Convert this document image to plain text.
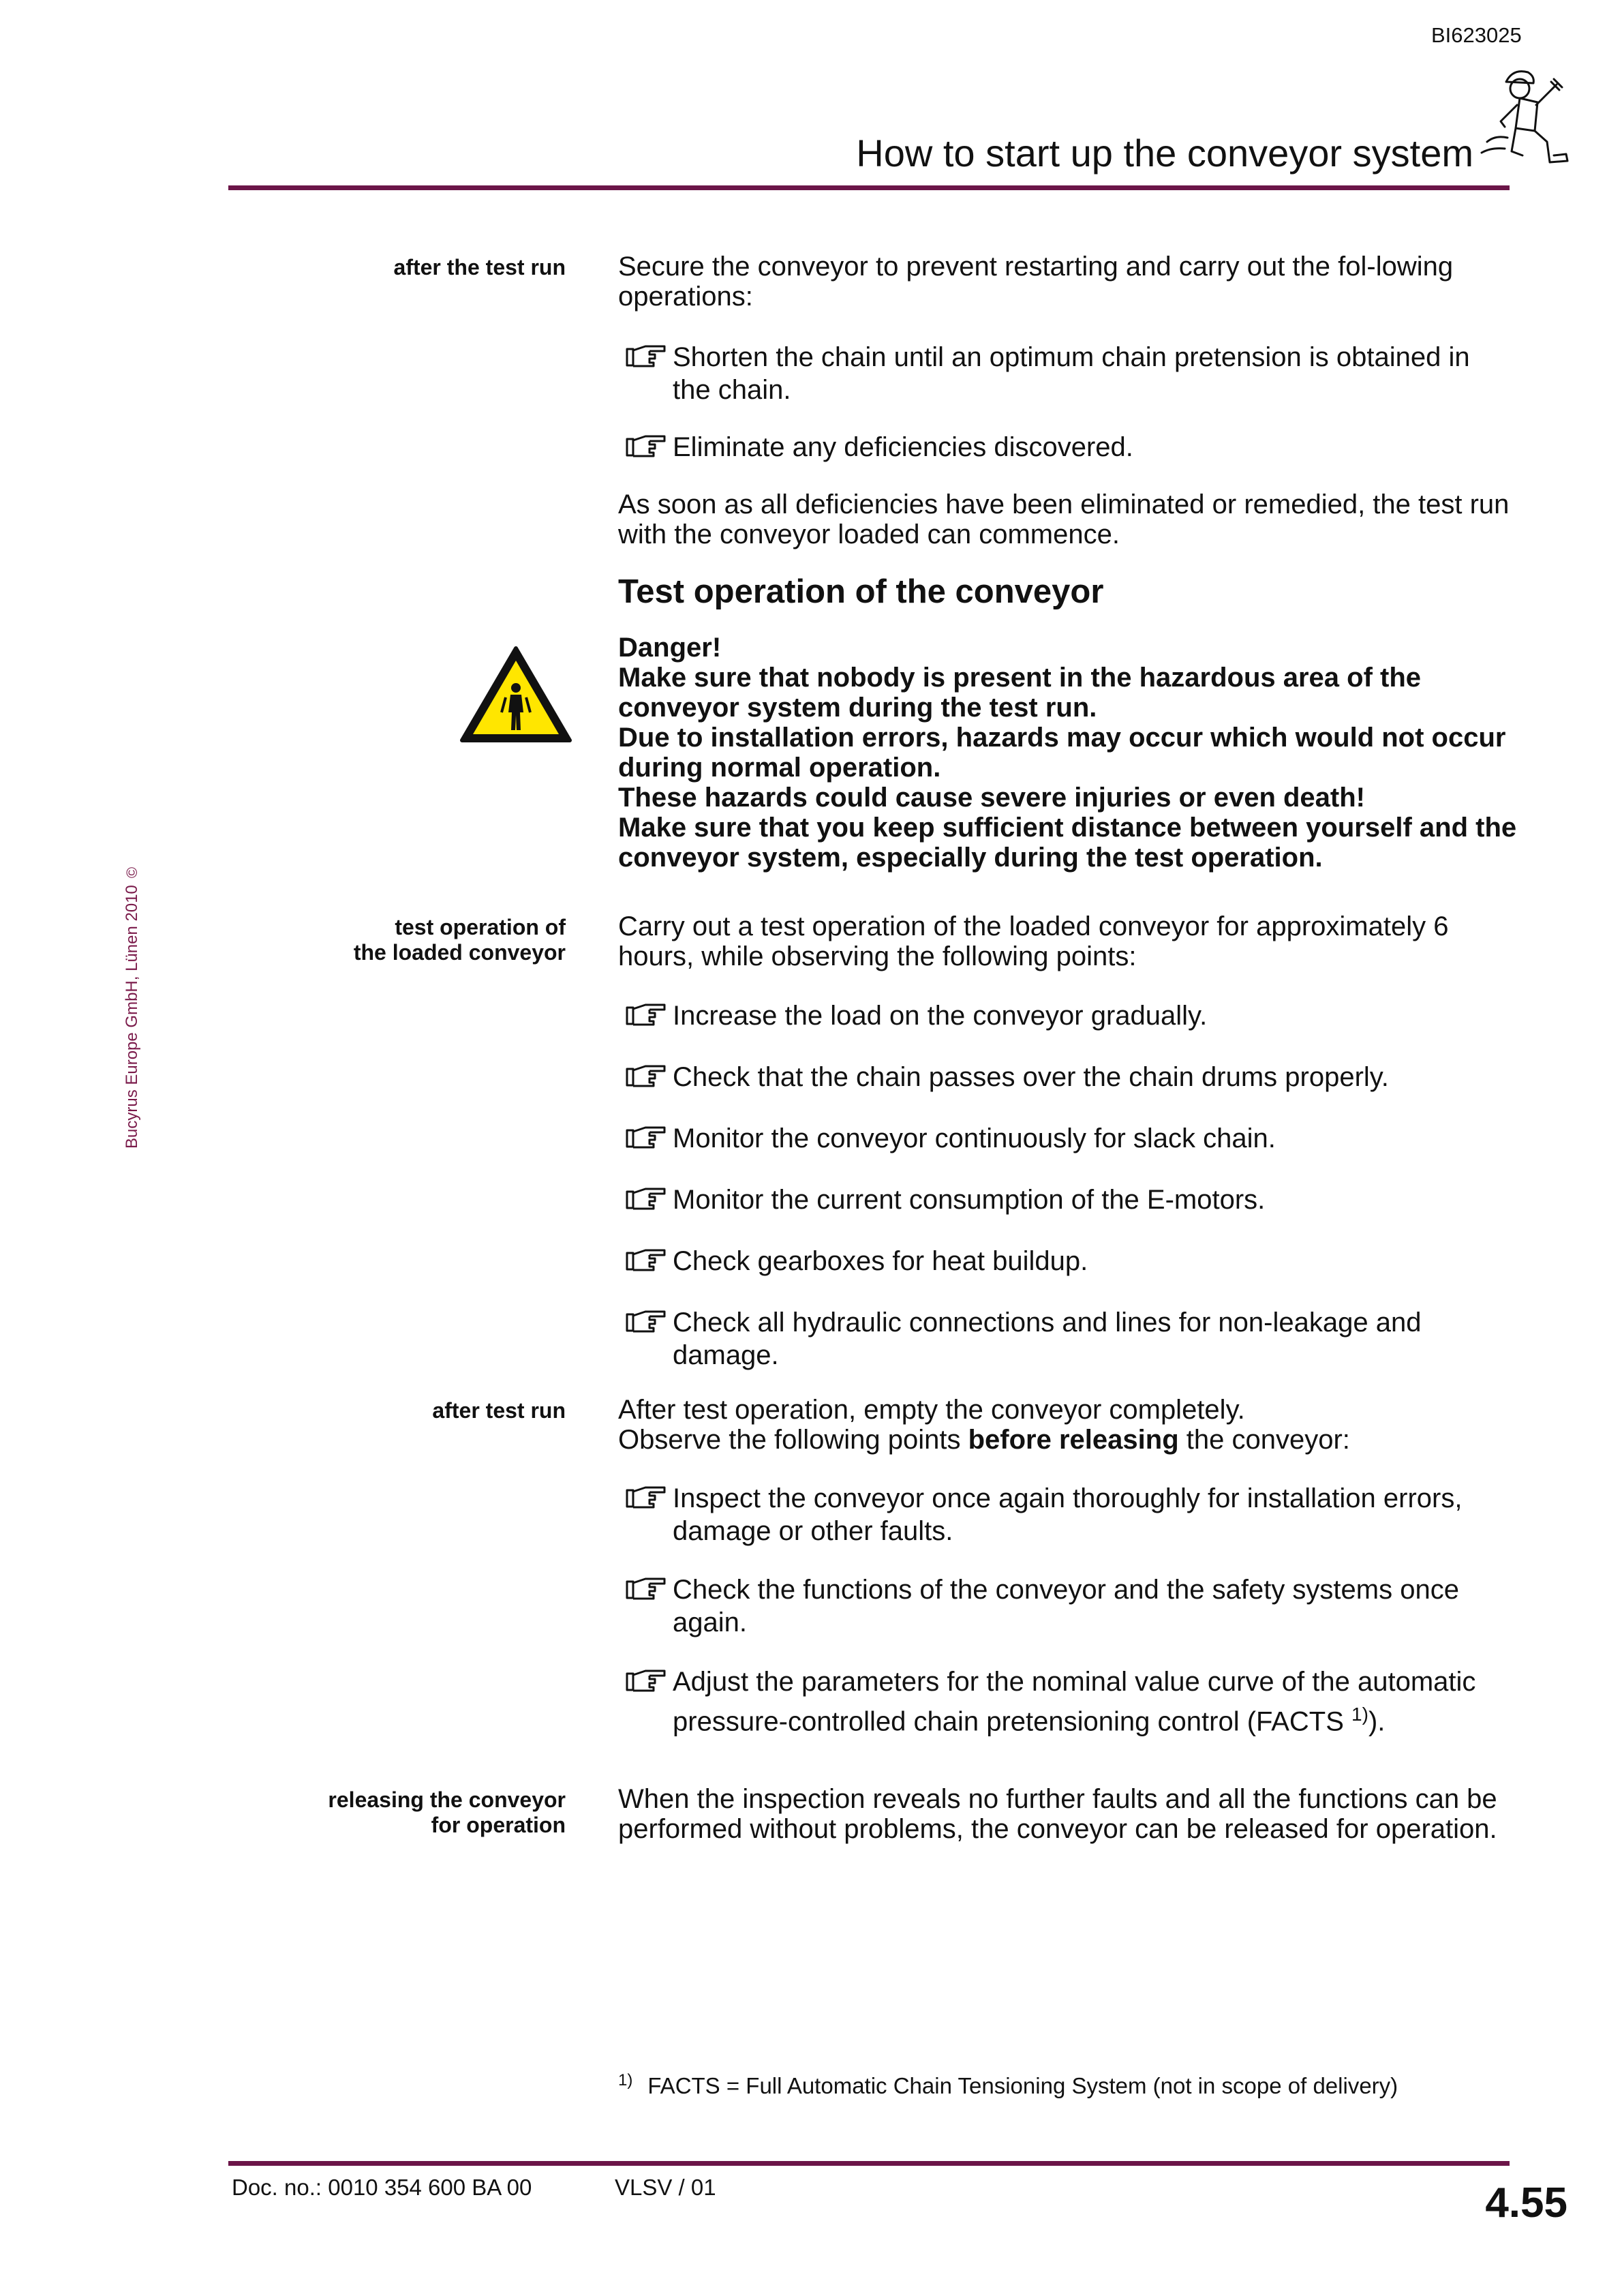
BI623025
How to start up the conveyor system
Bucyrus Europe GmbH, Lünen 2010©
after the test run Secure the conveyor to prevent restarting and carry out the fol-lowing operations:
Shorten the chain until an optimum chain pretension is obtained in the chain.
Eliminate any deficiencies discovered.
As soon as all deficiencies have been eliminated or remedied, the test run with the conveyor loaded can commence.
Test operation of the conveyor
Danger!
Make sure that nobody is present in the hazardous area of the conveyor system during the test run.
Due to installation errors, hazards may occur which would not occur during normal operation.
These hazards could cause severe injuries or even death!
Make sure that you keep sufficient distance between yourself and the conveyor system, especially during the test operation.
test operation of
the loaded conveyor
Carry out a test operation of the loaded conveyor for approximately 6 hours, while observing the following points:
Increase the load on the conveyor gradually.
Check that the chain passes over the chain drums properly.
Monitor the conveyor continuously for slack chain.
Monitor the current consumption of the E-motors.
Check gearboxes for heat buildup.
Check all hydraulic connections and lines for non-leakage and damage.
after test run After test operation, empty the conveyor completely.
Observe the following points before releasing the conveyor:
Inspect the conveyor once again thoroughly for installation errors, damage or other faults.
Check the functions of the conveyor and the safety systems once again.
Adjust the parameters for the nominal value curve of the automatic pressure-controlled chain pretensioning control (FACTS $^{1)}$).
releasing the conveyor
for operation
When the inspection reveals no further faults and all the functions can be performed without problems, the conveyor can be released for operation.
$^{1)}$ FACTS = Full Automatic Chain Tensioning System (not in scope of delivery)
Doc. no.: 0010 354 600 BA 00	VLSV / 01	4.55
